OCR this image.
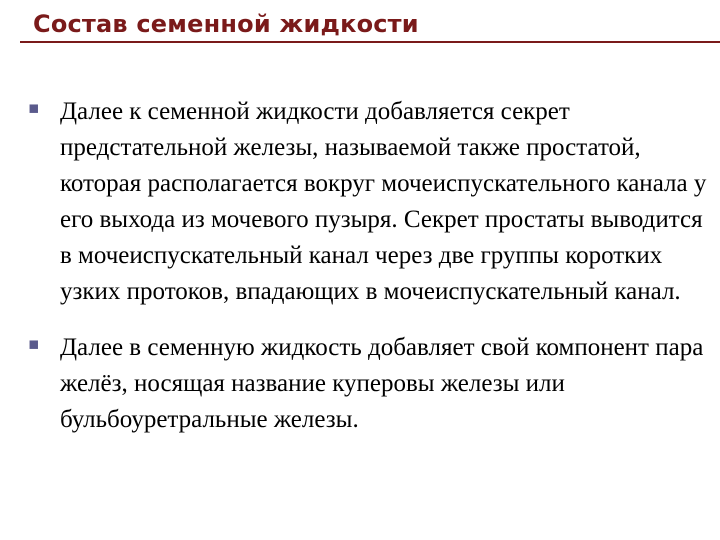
Состав семенной жидкости
▪ Далее к семенной жидкости добавляется секрет предстательной железы, называемой также простатой, которая располагается вокруг мочеиспускательного канала у его выхода из мочевого пузыря. Секрет простаты выводится в мочеиспускательный канал через две группы коротких узких протоков, впадающих в мочеиспускательный канал.
▪ Далее в семенную жидкость добавляет свой компонент пара желёз, носящая название куперовы железы или бульбоуретральные железы.
